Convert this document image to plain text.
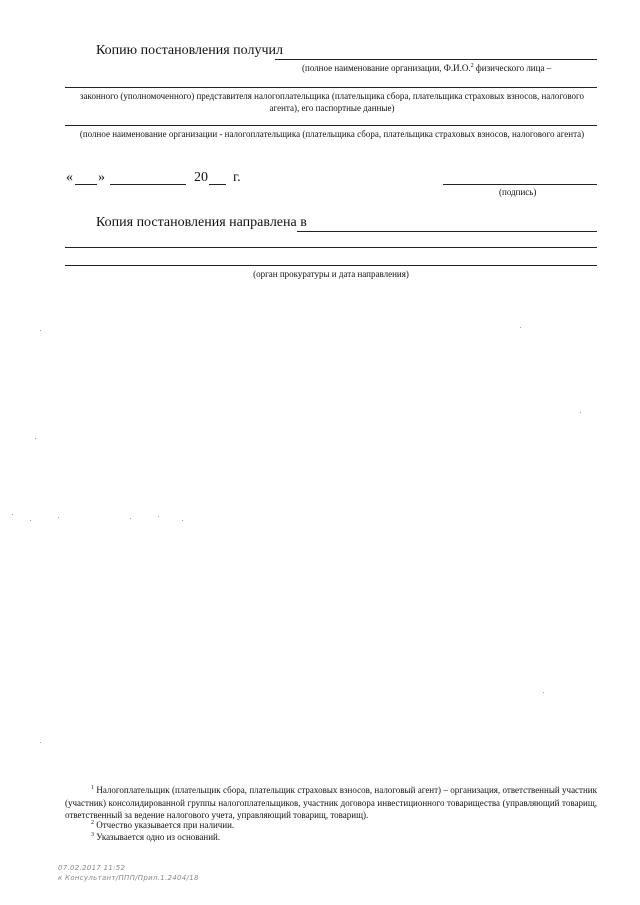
Копию постановления получил
(полное наименование организации, Ф.И.О.$^2$ физического лица –
законного (уполномоченного) представителя налогоплательщика (плательщика сбора, плательщика страховых взносов, налогового агента), его паспортные данные)
(полное наименование организации - налогоплательщика (плательщика сбора, плательщика страховых взносов, налогового агента)
« »	20 г.
(подпись)
Копия постановления направлена в
(орган прокуратуры и дата направления)
$^1$ Налогоплательщик (плательщик сбора, плательщик страховых взносов, налоговый агент) – организация, ответственный участник (участник) консолидированной группы налогоплательщиков, участник договора инвестиционного товарищества (управляющий товарищ, ответственный за ведение налогового учета, управляющий товарищ, товарищ).
$^2$ Отчество указывается при наличии.
$^3$ Указывается одно из оснований.
07.02.2017 11:52
к Консультант/ППП/Прил.1.2404/18
